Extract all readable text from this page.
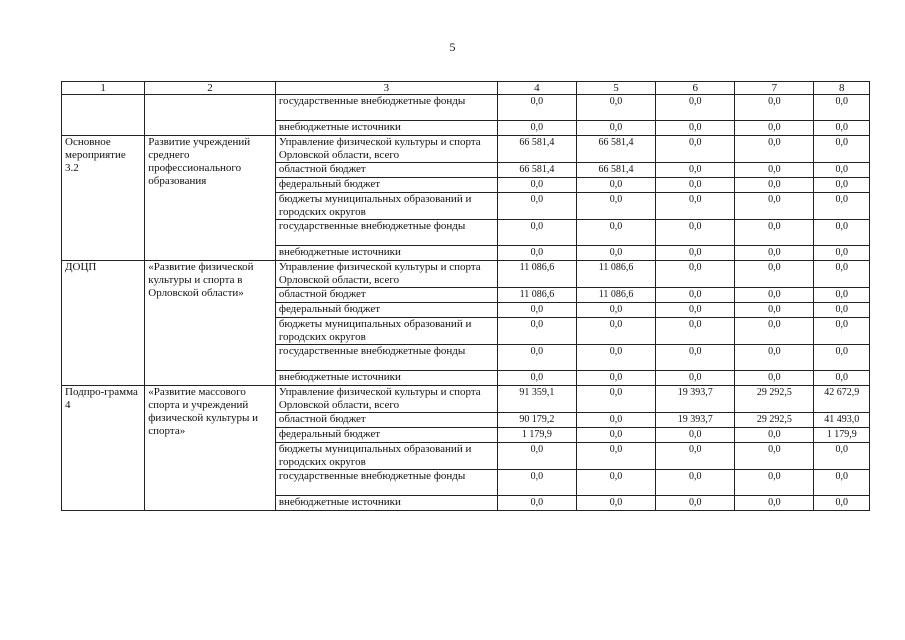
5
1	2	3	4	5	6	7	8
		государственные внебюджетные фонды	0,0	0,0	0,0	0,0	0,0
		внебюджетные источники	0,0	0,0	0,0	0,0	0,0
Основное мероприятие 3.2	Развитие учреждений среднего профессионального образования	Управление физической культуры и спорта Орловской области, всего	66 581,4	66 581,4	0,0	0,0	0,0
		областной бюджет	66 581,4	66 581,4	0,0	0,0	0,0
		федеральный бюджет	0,0	0,0	0,0	0,0	0,0
		бюджеты муниципальных образований и городских округов	0,0	0,0	0,0	0,0	0,0
		государственные внебюджетные фонды	0,0	0,0	0,0	0,0	0,0
		внебюджетные источники	0,0	0,0	0,0	0,0	0,0
ДОЦП	«Развитие физической культуры и спорта в Орловской области»	Управление физической культуры и спорта Орловской области, всего	11 086,6	11 086,6	0,0	0,0	0,0
		областной бюджет	11 086,6	11 086,6	0,0	0,0	0,0
		федеральный бюджет	0,0	0,0	0,0	0,0	0,0
		бюджеты муниципальных образований и городских округов	0,0	0,0	0,0	0,0	0,0
		государственные внебюджетные фонды	0,0	0,0	0,0	0,0	0,0
		внебюджетные источники	0,0	0,0	0,0	0,0	0,0
Подпро-грамма 4	«Развитие массового спорта и учреждений физической культуры и спорта»	Управление физической культуры и спорта Орловской области, всего	91 359,1	0,0	19 393,7	29 292,5	42 672,9
		областной бюджет	90 179,2	0,0	19 393,7	29 292,5	41 493,0
		федеральный бюджет	1 179,9	0,0	0,0	0,0	1 179,9
		бюджеты муниципальных образований и городских округов	0,0	0,0	0,0	0,0	0,0
		государственные внебюджетные фонды	0,0	0,0	0,0	0,0	0,0
		внебюджетные источники	0,0	0,0	0,0	0,0	0,0
